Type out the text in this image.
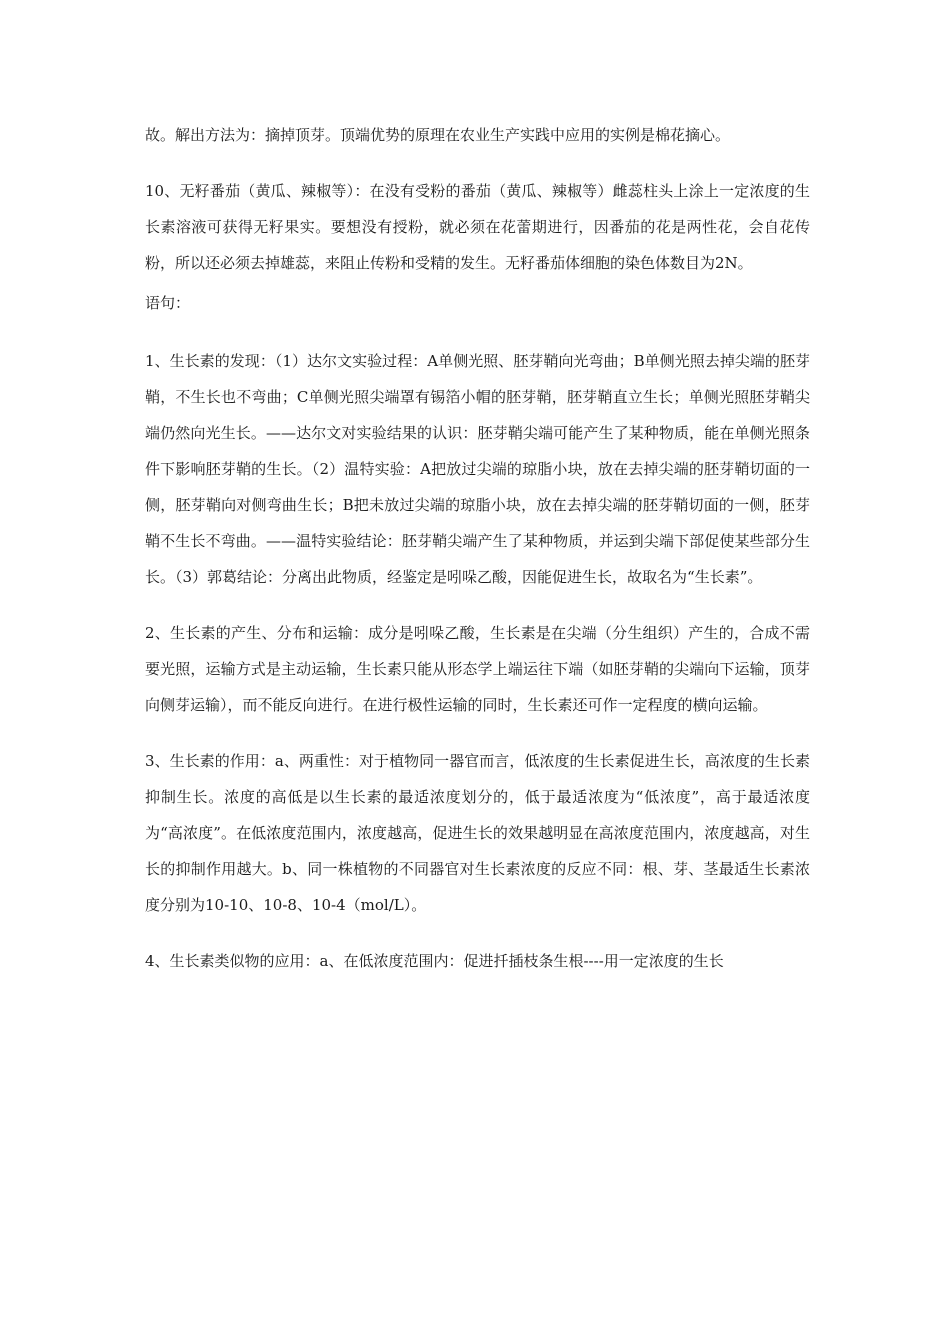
故。解出方法为：摘掉顶芽。顶端优势的原理在农业生产实践中应用的实例是棉花摘心。

10、无籽番茄（黄瓜、辣椒等）：在没有受粉的番茄（黄瓜、辣椒等）雌蕊柱头上涂上一定浓度的生长素溶液可获得无籽果实。要想没有授粉，就必须在花蕾期进行，因番茄的花是两性花，会自花传粉，所以还必须去掉雄蕊，来阻止传粉和受精的发生。无籽番茄体细胞的染色体数目为2N。

语句：

1、生长素的发现：（1）达尔文实验过程：A单侧光照、胚芽鞘向光弯曲；B单侧光照去掉尖端的胚芽鞘，不生长也不弯曲；C单侧光照尖端罩有锡箔小帽的胚芽鞘，胚芽鞘直立生长；单侧光照胚芽鞘尖端仍然向光生长。——达尔文对实验结果的认识：胚芽鞘尖端可能产生了某种物质，能在单侧光照条件下影响胚芽鞘的生长。（2）温特实验：A把放过尖端的琼脂小块，放在去掉尖端的胚芽鞘切面的一侧，胚芽鞘向对侧弯曲生长；B把未放过尖端的琼脂小块，放在去掉尖端的胚芽鞘切面的一侧，胚芽鞘不生长不弯曲。——温特实验结论：胚芽鞘尖端产生了某种物质，并运到尖端下部促使某些部分生长。（3）郭葛结论：分离出此物质，经鉴定是吲哚乙酸，因能促进生长，故取名为“生长素”。

2、生长素的产生、分布和运输：成分是吲哚乙酸，生长素是在尖端（分生组织）产生的，合成不需要光照，运输方式是主动运输，生长素只能从形态学上端运往下端（如胚芽鞘的尖端向下运输，顶芽向侧芽运输），而不能反向进行。在进行极性运输的同时，生长素还可作一定程度的横向运输。

3、生长素的作用：a、两重性：对于植物同一器官而言，低浓度的生长素促进生长，高浓度的生长素抑制生长。浓度的高低是以生长素的最适浓度划分的，低于最适浓度为“低浓度”，高于最适浓度为“高浓度”。在低浓度范围内，浓度越高，促进生长的效果越明显在高浓度范围内，浓度越高，对生长的抑制作用越大。b、同一株植物的不同器官对生长素浓度的反应不同：根、芽、茎最适生长素浓度分别为10-10、10-8、10-4（mol/L）。

4、生长素类似物的应用：a、在低浓度范围内：促进扦插枝条生根----用一定浓度的生长
